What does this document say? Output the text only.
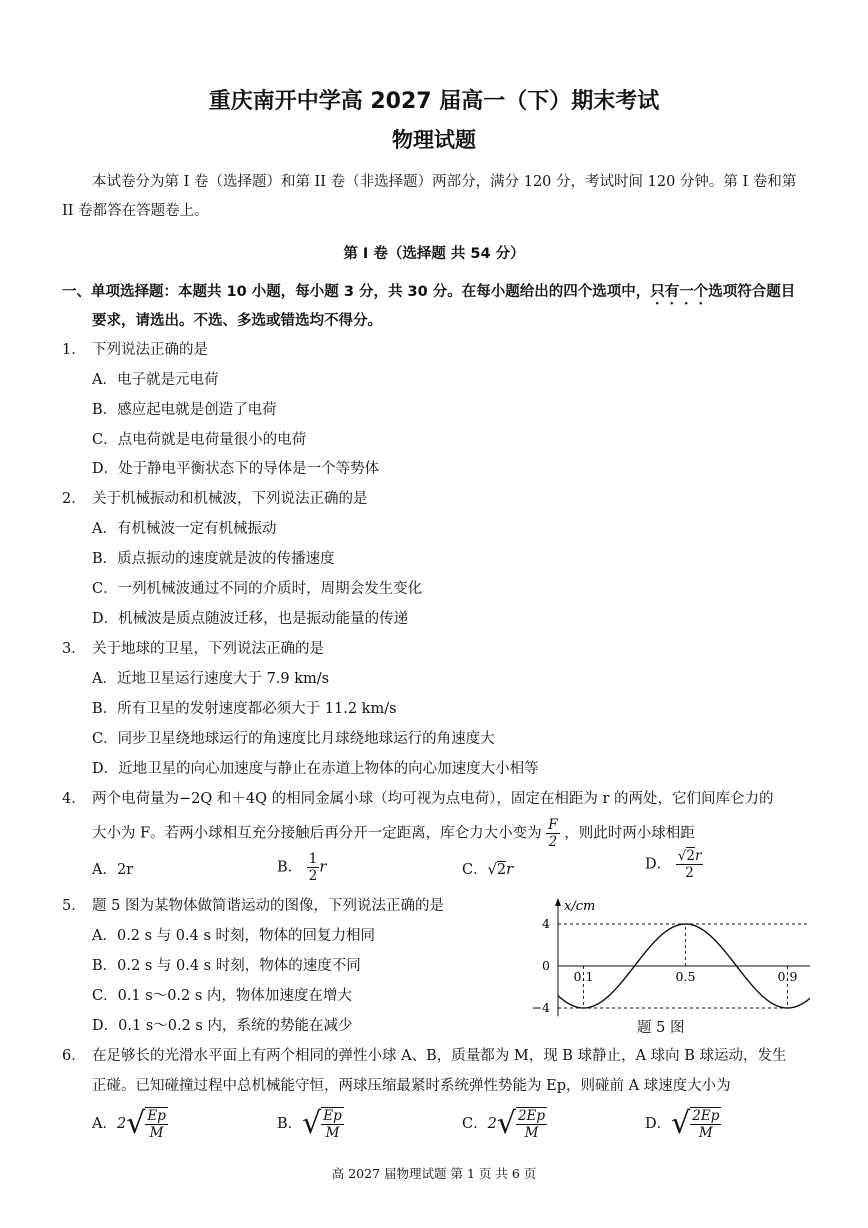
重庆南开中学高 2027 届高一（下）期末考试
物理试题
本试卷分为第 I 卷（选择题）和第 II 卷（非选择题）两部分，满分 120 分，考试时间 120 分钟。第 I 卷和第
II 卷都答在答题卷上。
第 I 卷（选择题 共 54 分）
一、单项选择题：本题共 10 小题，每小题 3 分，共 30 分。在每小题给出的四个选项中，只有一个选项符合题目
要求，请选出。不选、多选或错选均不得分。
1． 下列说法正确的是
A．电子就是元电荷
B．感应起电就是创造了电荷
C．点电荷就是电荷量很小的电荷
D．处于静电平衡状态下的导体是一个等势体
2． 关于机械振动和机械波，下列说法正确的是
A．有机械波一定有机械振动
B．质点振动的速度就是波的传播速度
C．一列机械波通过不同的介质时，周期会发生变化
D．机械波是质点随波迁移，也是振动能量的传递
3． 关于地球的卫星，下列说法正确的是
A．近地卫星运行速度大于 7.9 km/s
B．所有卫星的发射速度都必须大于 11.2 km/s
C．同步卫星绕地球运行的角速度比月球绕地球运行的角速度大
D．近地卫星的向心加速度与静止在赤道上物体的向心加速度大小相等
4． 两个电荷量为−2Q 和＋4Q 的相同金属小球（均可视为点电荷），固定在相距为 r 的两处，它们间库仑力的
大小为 F。若两小球相互充分接触后再分开一定距离，库仑力大小变为 $\frac{F}{2}$ ，则此时两小球相距
A．2r	B． $\frac{1}{2}$ r	C．√2r	D． $\frac{√2r}{2}$
5． 题 5 图为某物体做简谐运动的图像，下列说法正确的是
A．0.2 s 与 0.4 s 时刻，物体的回复力相同
B．0.2 s 与 0.4 s 时刻，物体的速度不同
C．0.1 s～0.2 s 内，物体加速度在增大
D．0.1 s～0.2 s 内，系统的势能在减少
x/cm
4
0
−4
0.1	0.5	0.9
题 5 图
6． 在足够长的光滑水平面上有两个相同的弹性小球 A、B，质量都为 M，现 B 球静止，A 球向 B 球运动，发生
正碰。已知碰撞过程中总机械能守恒，两球压缩最紧时系统弹性势能为 Ep，则碰前 A 球速度大小为
A． 2 √ $\frac{Ep}{M}$	B． √ $\frac{Ep}{M}$	C． 2 √ $\frac{2Ep}{M}$	D． √ $\frac{2Ep}{M}$
高 2027 届物理试题 第 1 页 共 6 页
